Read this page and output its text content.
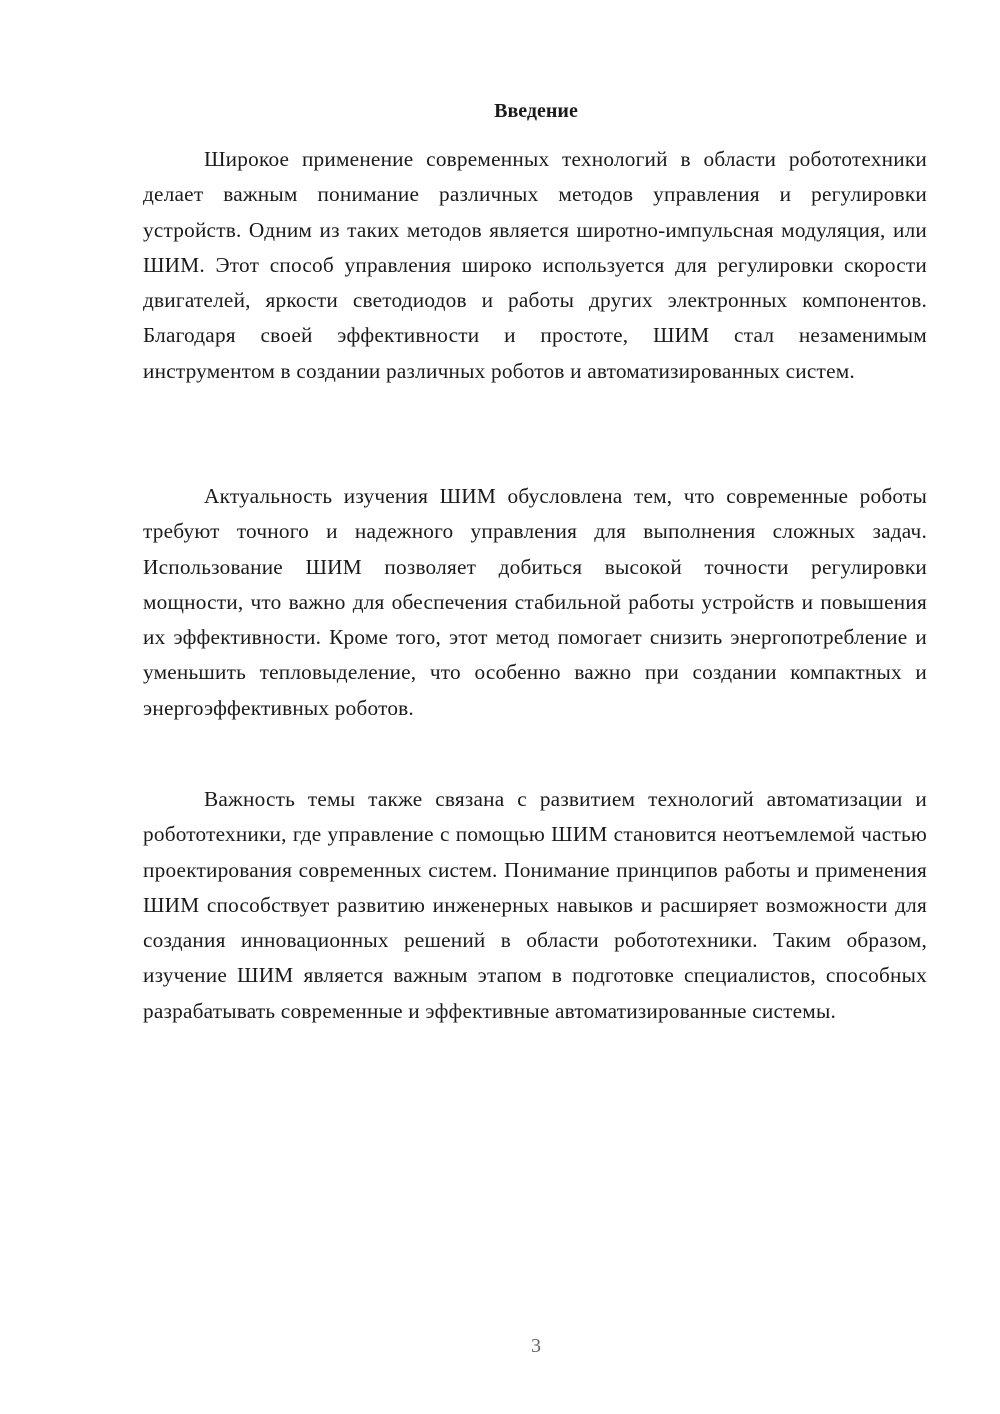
Введение

Широкое применение современных технологий в области робототехники делает важным понимание различных методов управления и регулировки устройств. Одним из таких методов является широтно-импульсная модуляция, или ШИМ. Этот способ управления широко используется для регулировки скорости двигателей, яркости светодиодов и работы других электронных компонентов. Благодаря своей эффективности и простоте, ШИМ стал незаменимым инструментом в создании различных роботов и автоматизированных систем.

Актуальность изучения ШИМ обусловлена тем, что современные роботы требуют точного и надежного управления для выполнения сложных задач. Использование ШИМ позволяет добиться высокой точности регулировки мощности, что важно для обеспечения стабильной работы устройств и повышения их эффективности. Кроме того, этот метод помогает снизить энергопотребление и уменьшить тепловыделение, что особенно важно при создании компактных и энергоэффективных роботов.

Важность темы также связана с развитием технологий автоматизации и робототехники, где управление с помощью ШИМ становится неотъемлемой частью проектирования современных систем. Понимание принципов работы и применения ШИМ способствует развитию инженерных навыков и расширяет возможности для создания инновационных решений в области робототехники. Таким образом, изучение ШИМ является важным этапом в подготовке специалистов, способных разрабатывать современные и эффективные автоматизированные системы.

3
